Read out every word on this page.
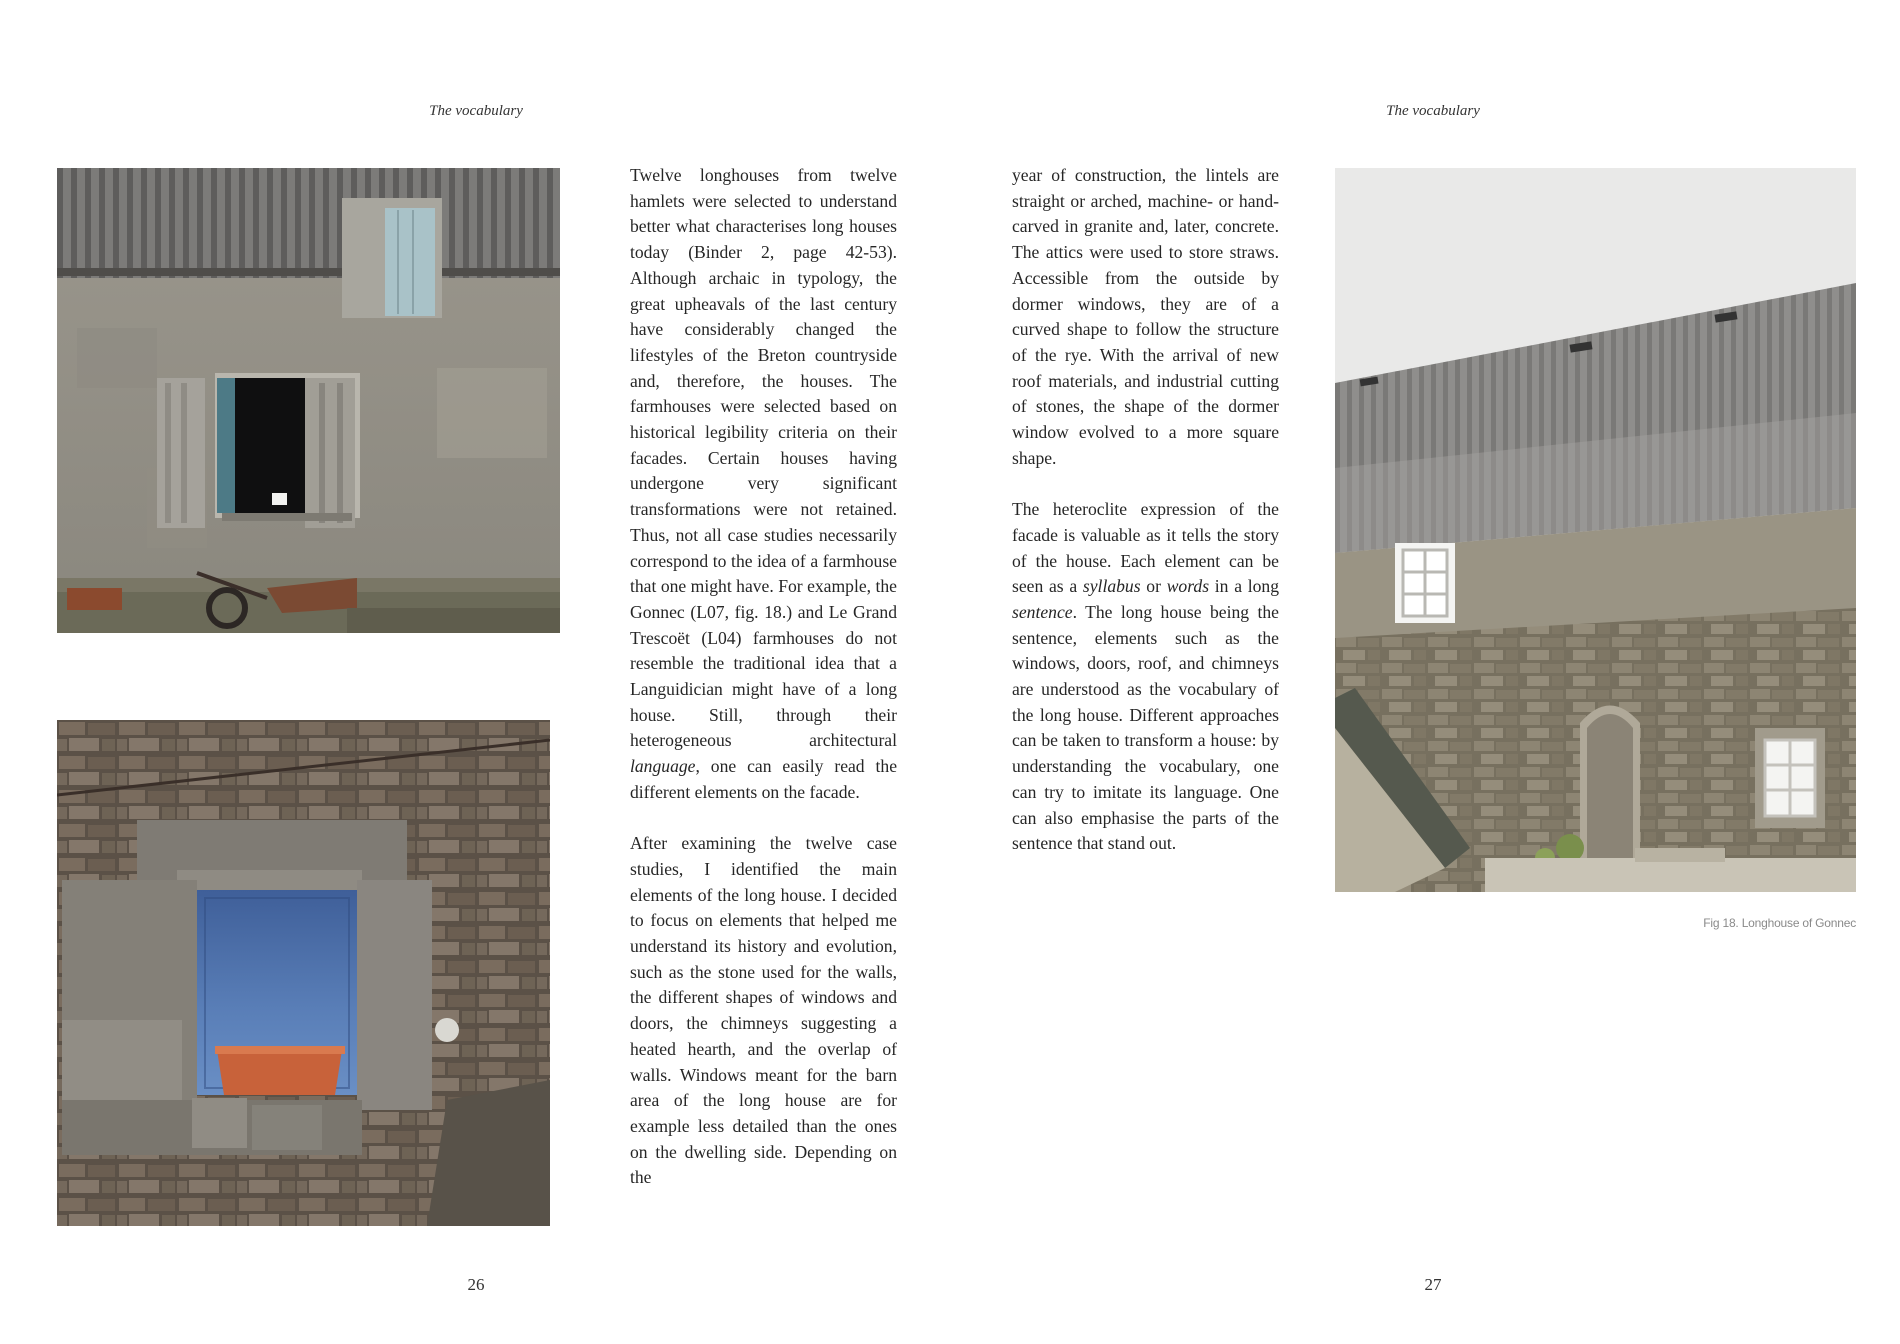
The vocabulary

Twelve longhouses from twelve hamlets were selected to understand better what characterises long houses today (Binder 2, page 42-53). Although archaic in typology, the great upheavals of the last century have considerably changed the lifestyles of the Breton countryside and, therefore, the houses. The farmhouses were selected based on historical legibility criteria on their facades. Certain houses having undergone very significant transformations were not retained. Thus, not all case studies necessarily correspond to the idea of a farmhouse that one might have. For example, the Gonnec (L07, fig. 18.) and Le Grand Trescoët (L04) farmhouses do not resemble the traditional idea that a Languidician might have of a long house. Still, through their heterogeneous architectural language, one can easily read the different elements on the facade.

After examining the twelve case studies, I identified the main elements of the long house. I decided to focus on elements that helped me understand its history and evolution, such as the stone used for the walls, the different shapes of windows and doors, the chimneys suggesting a heated hearth, and the overlap of walls. Windows meant for the barn area of the long house are for example less detailed than the ones on the dwelling side. Depending on the

26
The vocabulary

year of construction, the lintels are straight or arched, machine- or hand-carved in granite and, later, concrete. The attics were used to store straws. Accessible from the outside by dormer windows, they are of a curved shape to follow the structure of the rye. With the arrival of new roof materials, and industrial cutting of stones, the shape of the dormer window evolved to a more square shape.

The heteroclite expression of the facade is valuable as it tells the story of the house. Each element can be seen as a syllabus or words in a long sentence. The long house being the sentence, elements such as the windows, doors, roof, and chimneys are understood as the vocabulary of the long house. Different approaches can be taken to transform a house: by understanding the vocabulary, one can try to imitate its language. One can also emphasise the parts of the sentence that stand out.

Fig 18. Longhouse of Gonnec
27
